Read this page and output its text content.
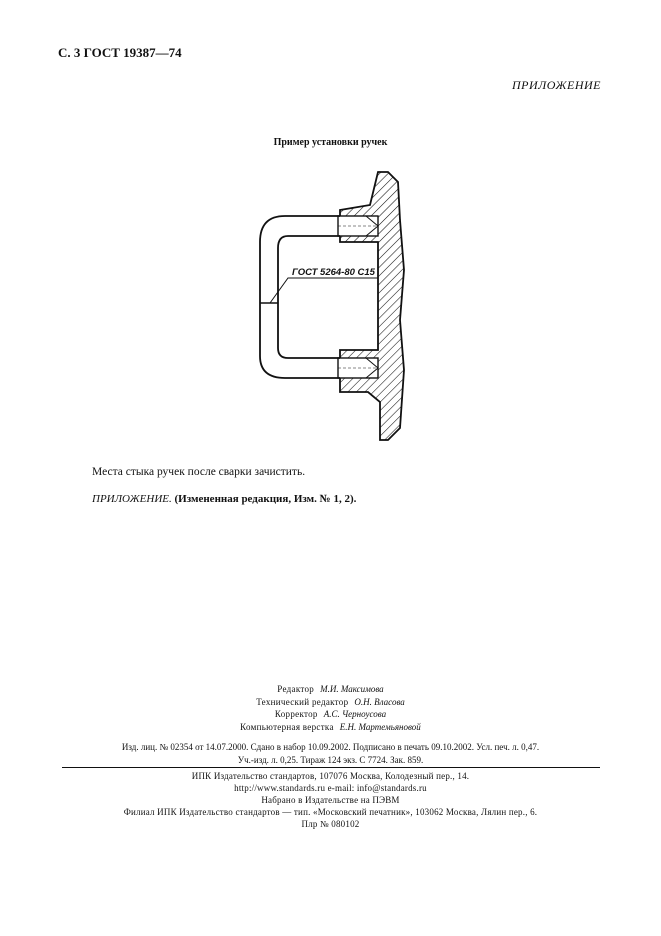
С. 3 ГОСТ 19387—74
ПРИЛОЖЕНИЕ
Пример установки ручек
ГОСТ 5264-80 С15
Места стыка ручек после сварки зачистить.
ПРИЛОЖЕНИЕ. (Измененная редакция, Изм. № 1, 2).
Редактор М.И. Максимова
Технический редактор О.Н. Власова
Корректор А.С. Черноусова
Компьютерная верстка Е.Н. Мартемьяновой
Изд. лиц. № 02354 от 14.07.2000. Сдано в набор 10.09.2002. Подписано в печать 09.10.2002. Усл. печ. л. 0,47.
Уч.-изд. л. 0,25. Тираж 124 экз. С 7724. Зак. 859.
ИПК Издательство стандартов, 107076 Москва, Колодезный пер., 14.
http://www.standards.ru e-mail: info@standards.ru
Набрано в Издательстве на ПЭВМ
Филиал ИПК Издательство стандартов — тип. «Московский печатник», 103062 Москва, Лялин пер., 6.
Плр № 080102
